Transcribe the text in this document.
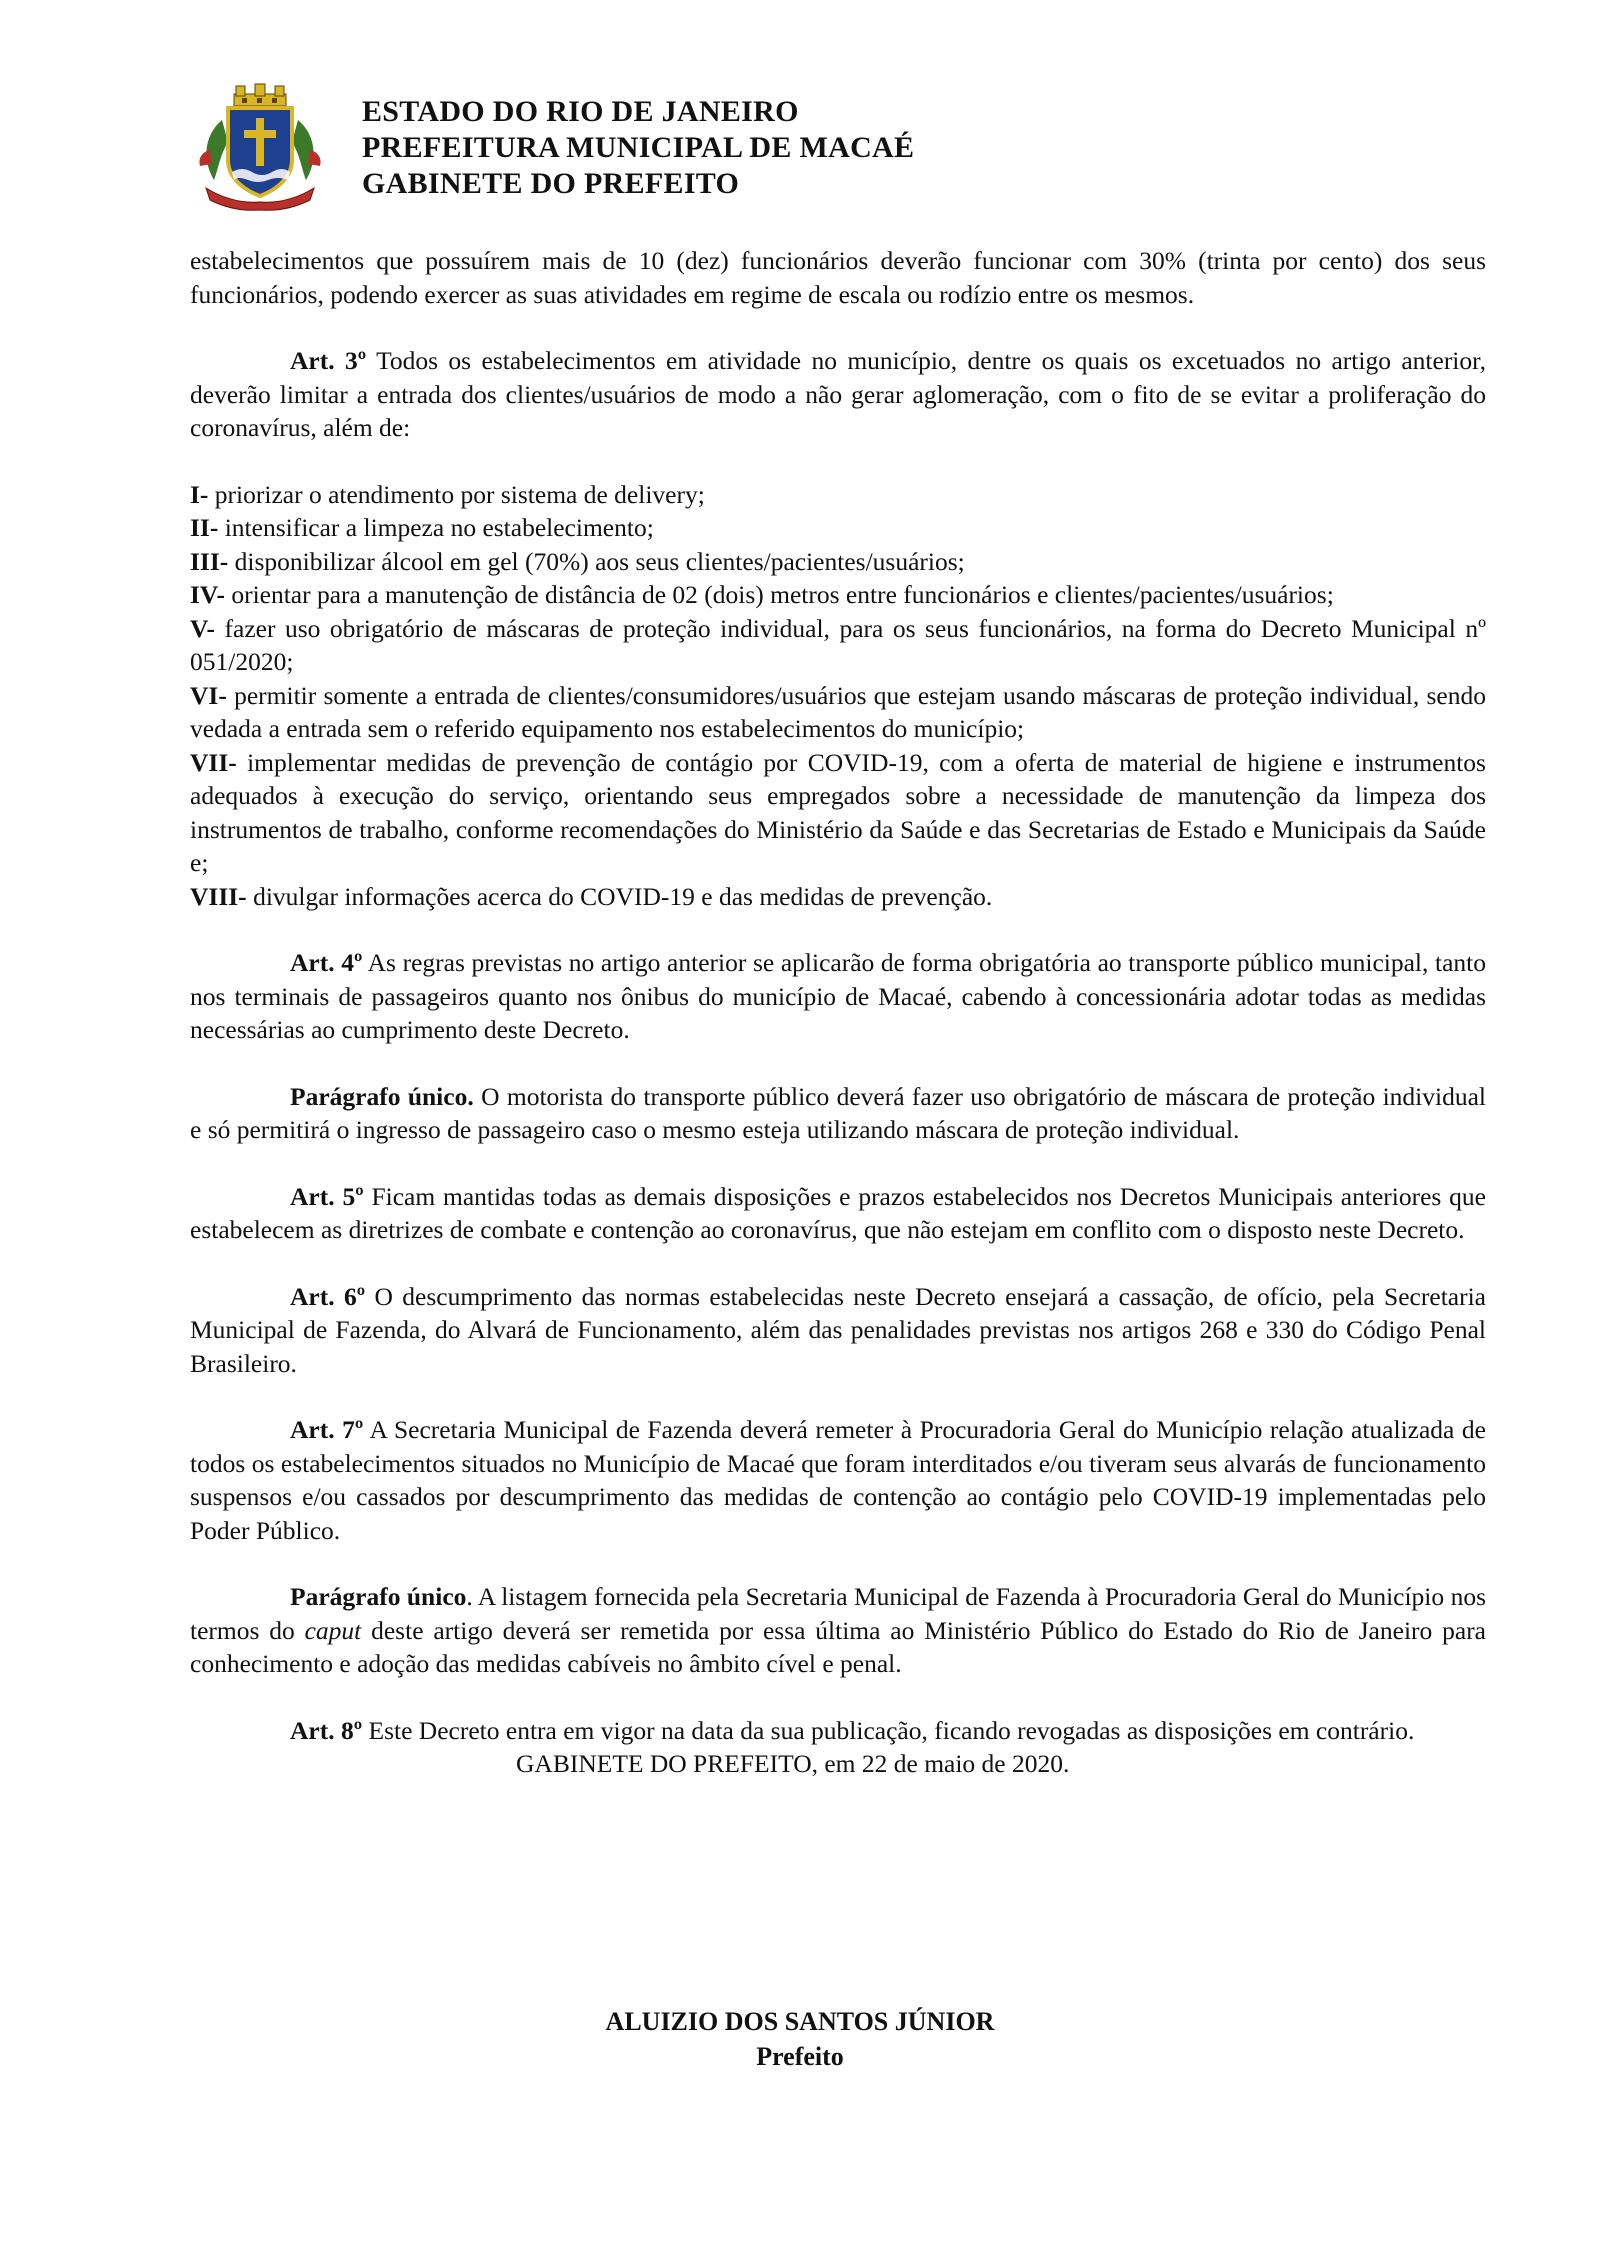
ESTADO DO RIO DE JANEIRO
PREFEITURA MUNICIPAL DE MACAÉ
GABINETE DO PREFEITO

estabelecimentos que possuírem mais de 10 (dez) funcionários deverão funcionar com 30% (trinta por cento) dos seus funcionários, podendo exercer as suas atividades em regime de escala ou rodízio entre os mesmos.

Art. 3º Todos os estabelecimentos em atividade no município, dentre os quais os excetuados no artigo anterior, deverão limitar a entrada dos clientes/usuários de modo a não gerar aglomeração, com o fito de se evitar a proliferação do coronavírus, além de:

I- priorizar o atendimento por sistema de delivery;

II- intensificar a limpeza no estabelecimento;

III- disponibilizar álcool em gel (70%) aos seus clientes/pacientes/usuários;

IV- orientar para a manutenção de distância de 02 (dois) metros entre funcionários e clientes/pacientes/usuários;

V- fazer uso obrigatório de máscaras de proteção individual, para os seus funcionários, na forma do Decreto Municipal nº 051/2020;

VI- permitir somente a entrada de clientes/consumidores/usuários que estejam usando máscaras de proteção individual, sendo vedada a entrada sem o referido equipamento nos estabelecimentos do município;

VII- implementar medidas de prevenção de contágio por COVID-19, com a oferta de material de higiene e instrumentos adequados à execução do serviço, orientando seus empregados sobre a necessidade de manutenção da limpeza dos instrumentos de trabalho, conforme recomendações do Ministério da Saúde e das Secretarias de Estado e Municipais da Saúde e;

VIII- divulgar informações acerca do COVID-19 e das medidas de prevenção.

Art. 4º As regras previstas no artigo anterior se aplicarão de forma obrigatória ao transporte público municipal, tanto nos terminais de passageiros quanto nos ônibus do município de Macaé, cabendo à concessionária adotar todas as medidas necessárias ao cumprimento deste Decreto.

Parágrafo único. O motorista do transporte público deverá fazer uso obrigatório de máscara de proteção individual e só permitirá o ingresso de passageiro caso o mesmo esteja utilizando máscara de proteção individual.

Art. 5º Ficam mantidas todas as demais disposições e prazos estabelecidos nos Decretos Municipais anteriores que estabelecem as diretrizes de combate e contenção ao coronavírus, que não estejam em conflito com o disposto neste Decreto.

Art. 6º O descumprimento das normas estabelecidas neste Decreto ensejará a cassação, de ofício, pela Secretaria Municipal de Fazenda, do Alvará de Funcionamento, além das penalidades previstas nos artigos 268 e 330 do Código Penal Brasileiro.

Art. 7º A Secretaria Municipal de Fazenda deverá remeter à Procuradoria Geral do Município relação atualizada de todos os estabelecimentos situados no Município de Macaé que foram interditados e/ou tiveram seus alvarás de funcionamento suspensos e/ou cassados por descumprimento das medidas de contenção ao contágio pelo COVID-19 implementadas pelo Poder Público.

Parágrafo único. A listagem fornecida pela Secretaria Municipal de Fazenda à Procuradoria Geral do Município nos termos do caput deste artigo deverá ser remetida por essa última ao Ministério Público do Estado do Rio de Janeiro para conhecimento e adoção das medidas cabíveis no âmbito cível e penal.

Art. 8º Este Decreto entra em vigor na data da sua publicação, ficando revogadas as disposições em contrário.

GABINETE DO PREFEITO, em 22 de maio de 2020.

ALUIZIO DOS SANTOS JÚNIOR
Prefeito
